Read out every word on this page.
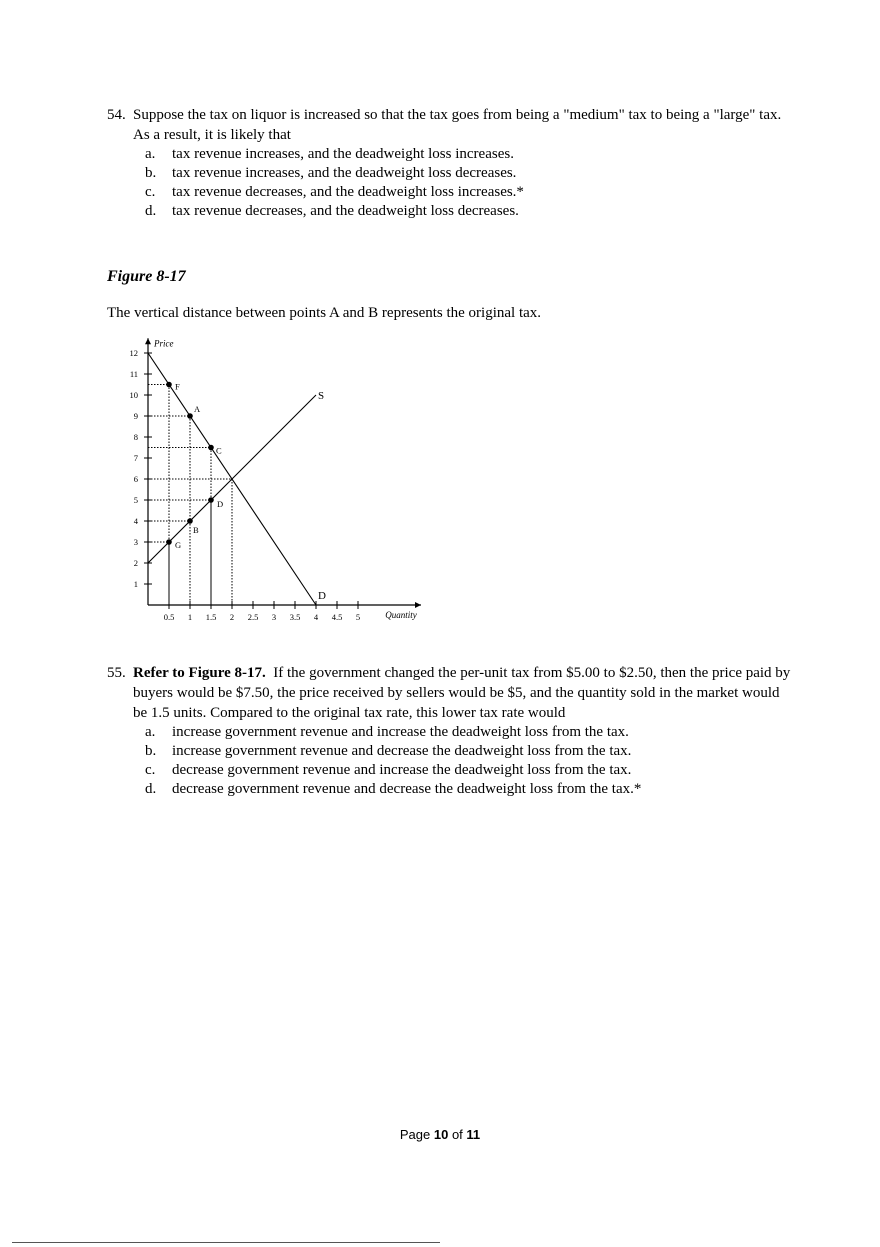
54. Suppose the tax on liquor is increased so that the tax goes from being a "medium" tax to being a "large" tax. As a result, it is likely that
a. tax revenue increases, and the deadweight loss increases.
b. tax revenue increases, and the deadweight loss decreases.
c. tax revenue decreases, and the deadweight loss increases.*
d. tax revenue decreases, and the deadweight loss decreases.
Figure 8-17
The vertical distance between points A and B represents the original tax.
Quantity
Price
0.5 1 1.5 2 2.5 3 3.5 4 4.5 5
1
2
3
4
5
6
7
8
9
10
11
12
D
S
F
A
C
D
B
G
55. Refer to Figure 8-17. If the government changed the per-unit tax from $5.00 to $2.50, then the price paid by buyers would be $7.50, the price received by sellers would be $5, and the quantity sold in the market would be 1.5 units. Compared to the original tax rate, this lower tax rate would
a. increase government revenue and increase the deadweight loss from the tax.
b. increase government revenue and decrease the deadweight loss from the tax.
c. decrease government revenue and increase the deadweight loss from the tax.
d. decrease government revenue and decrease the deadweight loss from the tax.*
Page 10 of 11
